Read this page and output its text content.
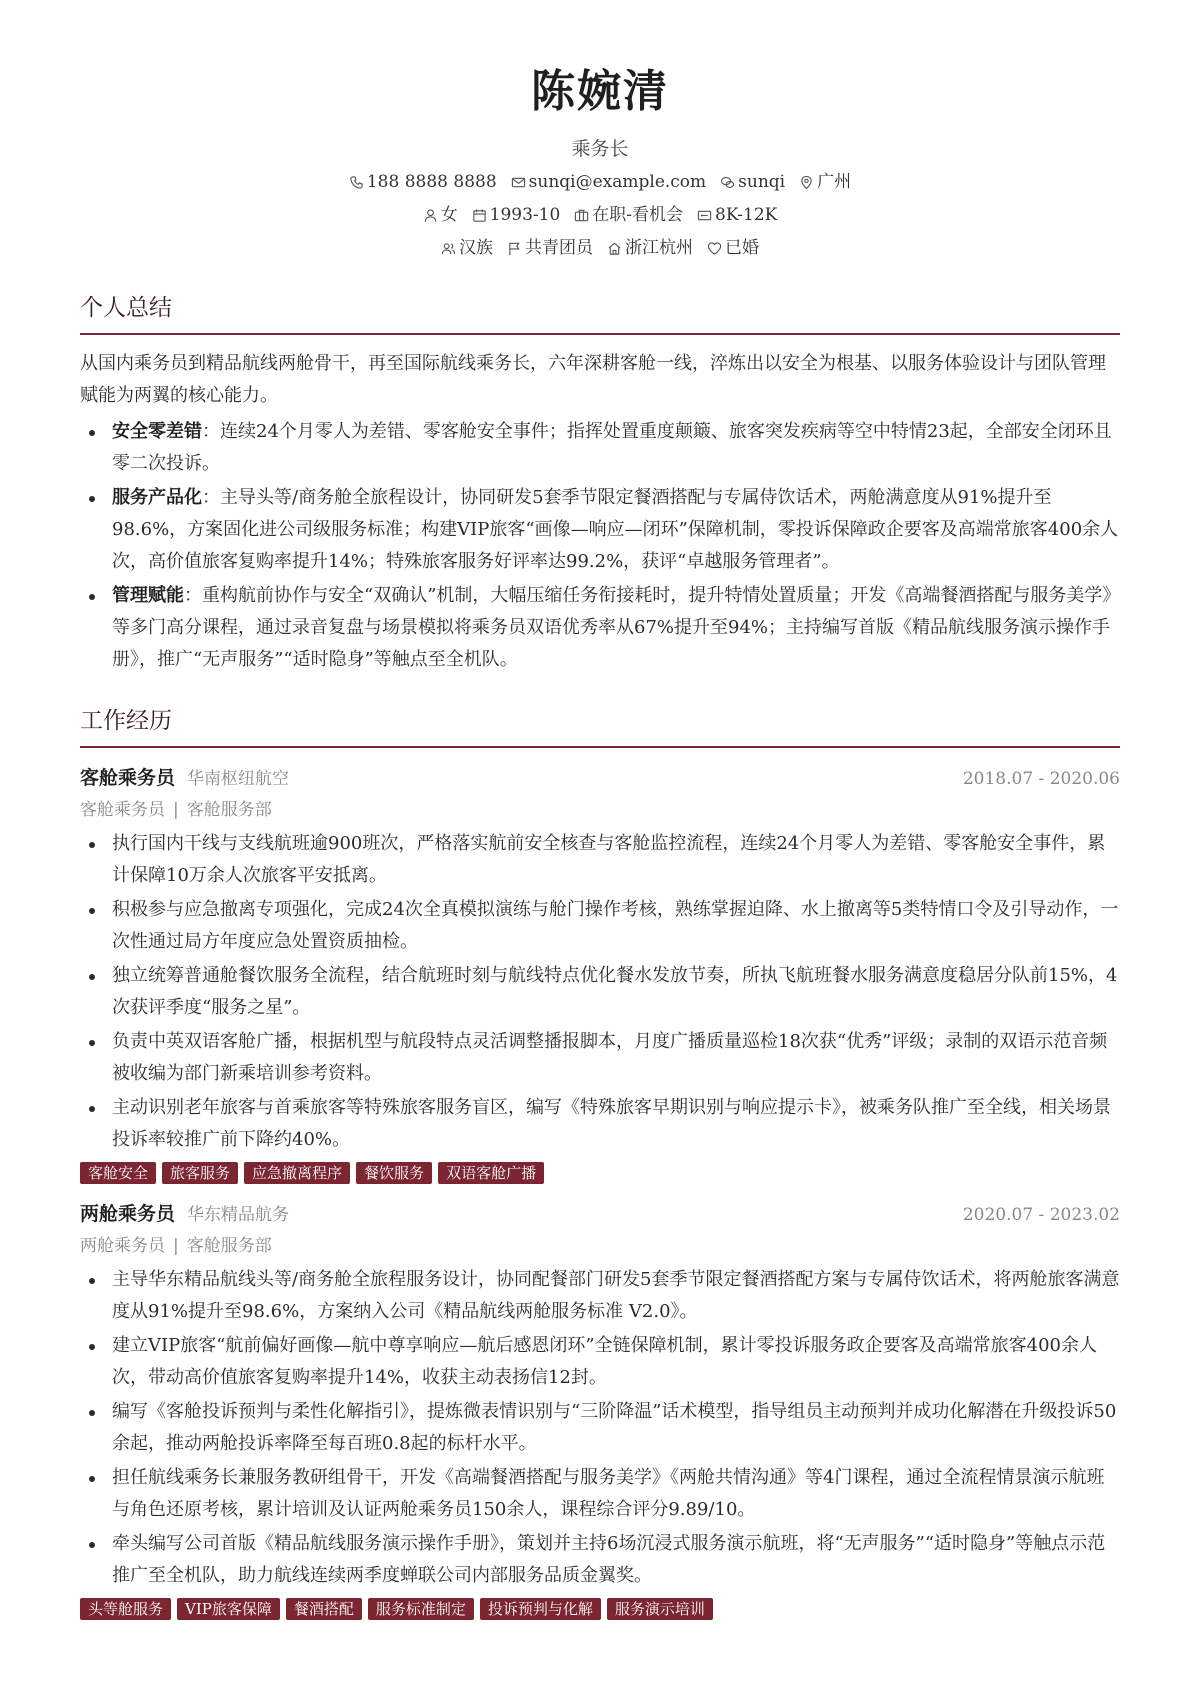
陈婉清
乘务长
188 8888 8888 sunqi@example.com sunqi 广州
女 1993-10 在职-看机会 8K-12K
汉族 共青团员 浙江杭州 已婚
个人总结
从国内乘务员到精品航线两舱骨干，再至国际航线乘务长，六年深耕客舱一线，淬炼出以安全为根基、以服务体验设计与团队管理赋能为两翼的核心能力。
安全零差错：连续24个月零人为差错、零客舱安全事件；指挥处置重度颠簸、旅客突发疾病等空中特情23起，全部安全闭环且零二次投诉。
服务产品化：主导头等/商务舱全旅程设计，协同研发5套季节限定餐酒搭配与专属侍饮话术，两舱满意度从91%提升至98.6%，方案固化进公司级服务标准；构建VIP旅客“画像—响应—闭环”保障机制，零投诉保障政企要客及高端常旅客400余人次，高价值旅客复购率提升14%；特殊旅客服务好评率达99.2%，获评“卓越服务管理者”。
管理赋能：重构航前协作与安全“双确认”机制，大幅压缩任务衔接耗时，提升特情处置质量；开发《高端餐酒搭配与服务美学》等多门高分课程，通过录音复盘与场景模拟将乘务员双语优秀率从67%提升至94%；主持编写首版《精品航线服务演示操作手册》，推广“无声服务”“适时隐身”等触点至全机队。
工作经历
客舱乘务员 华南枢纽航空	2018.07 - 2020.06
客舱乘务员 | 客舱服务部
执行国内干线与支线航班逾900班次，严格落实航前安全核查与客舱监控流程，连续24个月零人为差错、零客舱安全事件，累计保障10万余人次旅客平安抵离。
积极参与应急撤离专项强化，完成24次全真模拟演练与舱门操作考核，熟练掌握迫降、水上撤离等5类特情口令及引导动作，一次性通过局方年度应急处置资质抽检。
独立统筹普通舱餐饮服务全流程，结合航班时刻与航线特点优化餐水发放节奏，所执飞航班餐水服务满意度稳居分队前15%，4次获评季度“服务之星”。
负责中英双语客舱广播，根据机型与航段特点灵活调整播报脚本，月度广播质量巡检18次获“优秀”评级；录制的双语示范音频被收编为部门新乘培训参考资料。
主动识别老年旅客与首乘旅客等特殊旅客服务盲区，编写《特殊旅客早期识别与响应提示卡》，被乘务队推广至全线，相关场景投诉率较推广前下降约40%。
客舱安全	旅客服务	应急撤离程序	餐饮服务	双语客舱广播
两舱乘务员 华东精品航务	2020.07 - 2023.02
两舱乘务员 | 客舱服务部
主导华东精品航线头等/商务舱全旅程服务设计，协同配餐部门研发5套季节限定餐酒搭配方案与专属侍饮话术，将两舱旅客满意度从91%提升至98.6%，方案纳入公司《精品航线两舱服务标准 V2.0》。
建立VIP旅客“航前偏好画像—航中尊享响应—航后感恩闭环”全链保障机制，累计零投诉服务政企要客及高端常旅客400余人次，带动高价值旅客复购率提升14%，收获主动表扬信12封。
编写《客舱投诉预判与柔性化解指引》，提炼微表情识别与“三阶降温”话术模型，指导组员主动预判并成功化解潜在升级投诉50余起，推动两舱投诉率降至每百班0.8起的标杆水平。
担任航线乘务长兼服务教研组骨干，开发《高端餐酒搭配与服务美学》《两舱共情沟通》等4门课程，通过全流程情景演示航班与角色还原考核，累计培训及认证两舱乘务员150余人，课程综合评分9.89/10。
牵头编写公司首版《精品航线服务演示操作手册》，策划并主持6场沉浸式服务演示航班，将“无声服务”“适时隐身”等触点示范推广至全机队，助力航线连续两季度蝉联公司内部服务品质金翼奖。
头等舱服务	VIP旅客保障	餐酒搭配	服务标准制定	投诉预判与化解	服务演示培训
